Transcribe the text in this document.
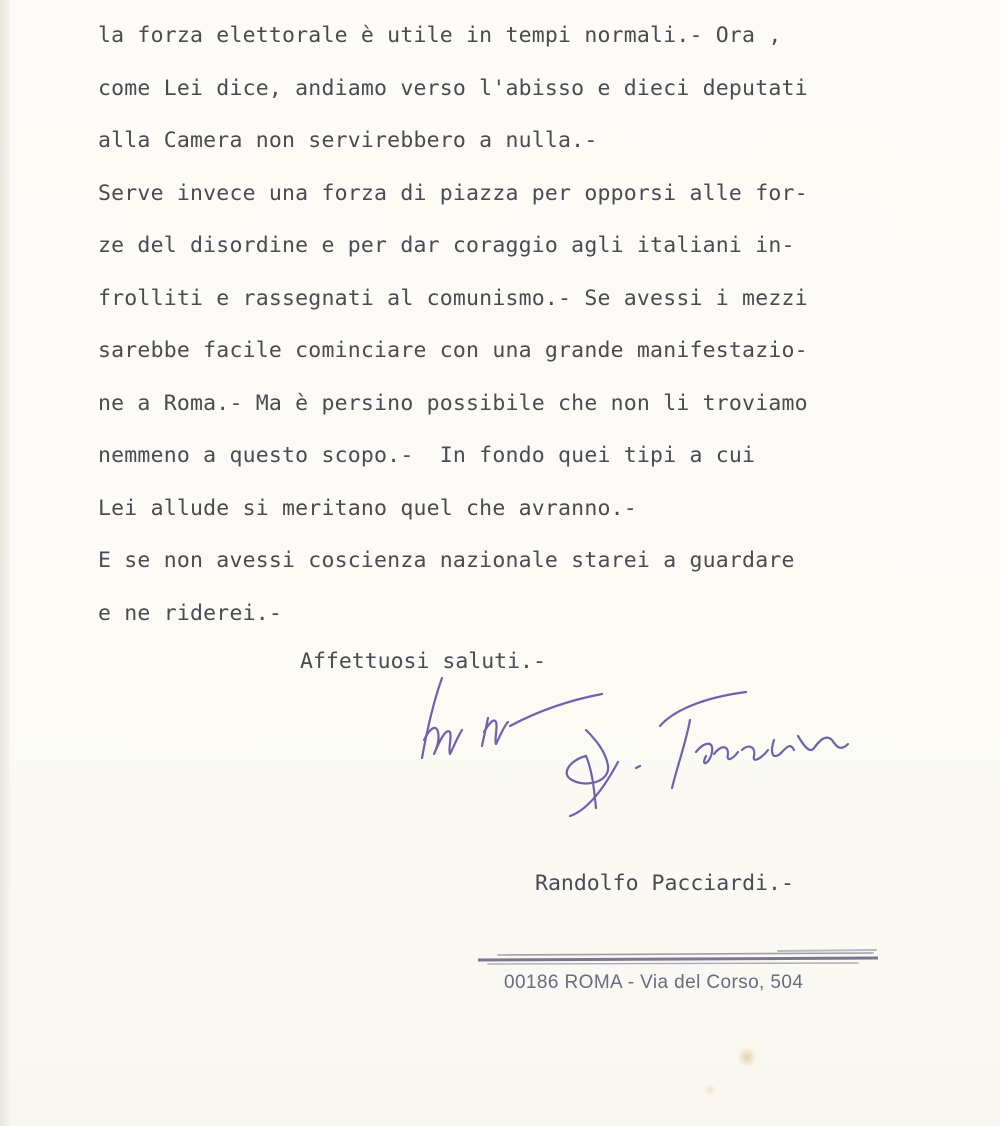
la forza elettorale è utile in tempi normali.- Ora ,
come Lei dice, andiamo verso l'abisso e dieci deputati
alla Camera non servirebbero a nulla.-
Serve invece una forza di piazza per opporsi alle for-
ze del disordine e per dar coraggio agli italiani in-
frolliti e rassegnati al comunismo.- Se avessi i mezzi
sarebbe facile cominciare con una grande manifestazio-
ne a Roma.- Ma è persino possibile che non li troviamo
nemmeno a questo scopo.-  In fondo quei tipi a cui
Lei allude si meritano quel che avranno.-
E se non avessi coscienza nazionale starei a guardare
e ne riderei.-
Affettuosi saluti.-
Randolfo Pacciardi.-
00186 ROMA - Via del Corso, 504
